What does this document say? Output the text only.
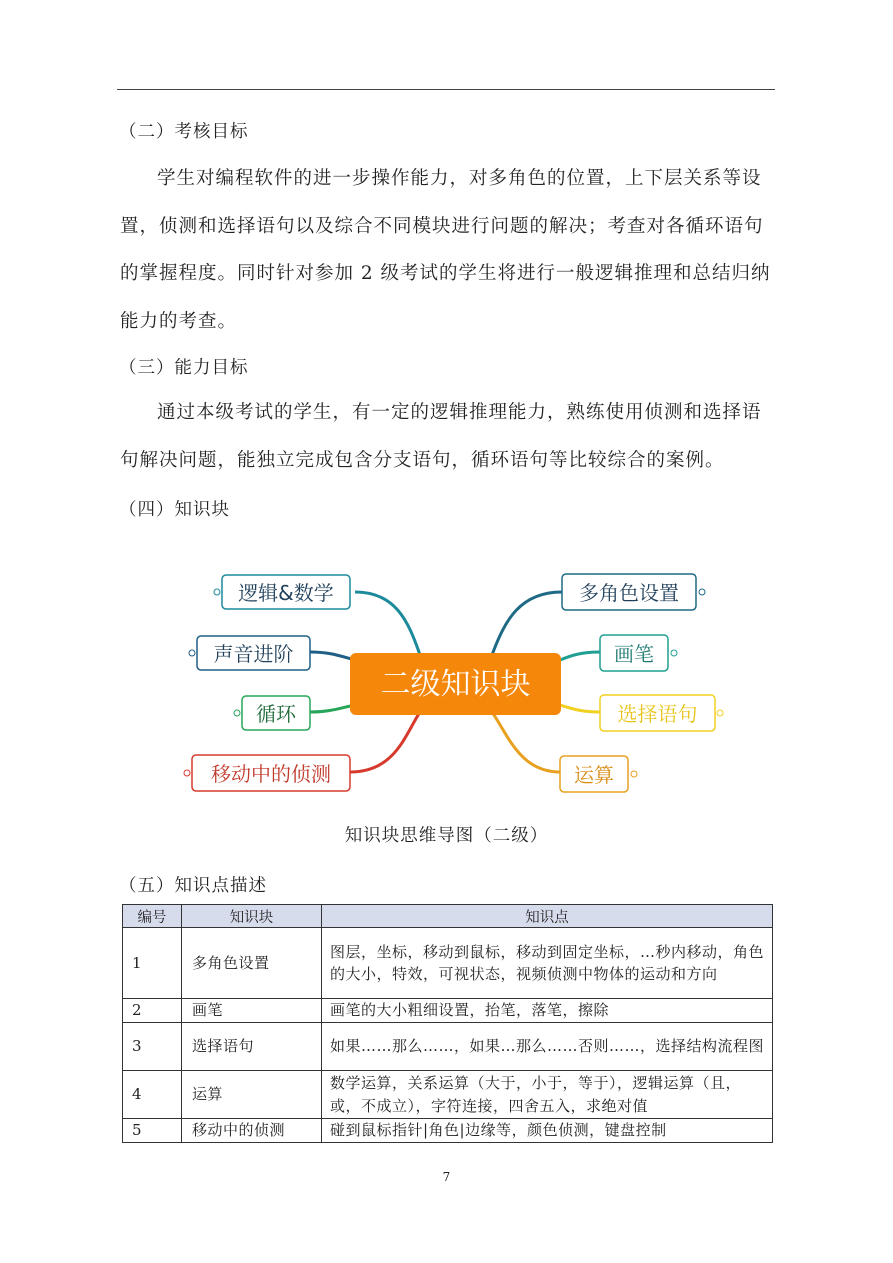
（二）考核目标

学生对编程软件的进一步操作能力，对多角色的位置，上下层关系等设置，侦测和选择语句以及综合不同模块进行问题的解决；考查对各循环语句的掌握程度。同时针对参加 2 级考试的学生将进行一般逻辑推理和总结归纳能力的考查。

（三）能力目标

通过本级考试的学生，有一定的逻辑推理能力，熟练使用侦测和选择语句解决问题，能独立完成包含分支语句，循环语句等比较综合的案例。

（四）知识块
二级知识块
逻辑&数学
声音进阶
循环
移动中的侦测
多角色设置
画笔
选择语句
运算
知识块思维导图（二级）
（五）知识点描述
编号	知识块	知识点
1	多角色设置	图层，坐标，移动到鼠标，移动到固定坐标，…秒内移动，角色的大小，特效，可视状态，视频侦测中物体的运动和方向
2	画笔	画笔的大小粗细设置，抬笔，落笔，擦除
3	选择语句	如果……那么……，如果…那么……否则……，选择结构流程图
4	运算	数学运算，关系运算（大于，小于，等于），逻辑运算（且，或，不成立），字符连接，四舍五入，求绝对值
5	移动中的侦测	碰到鼠标指针|角色|边缘等，颜色侦测，键盘控制
7
